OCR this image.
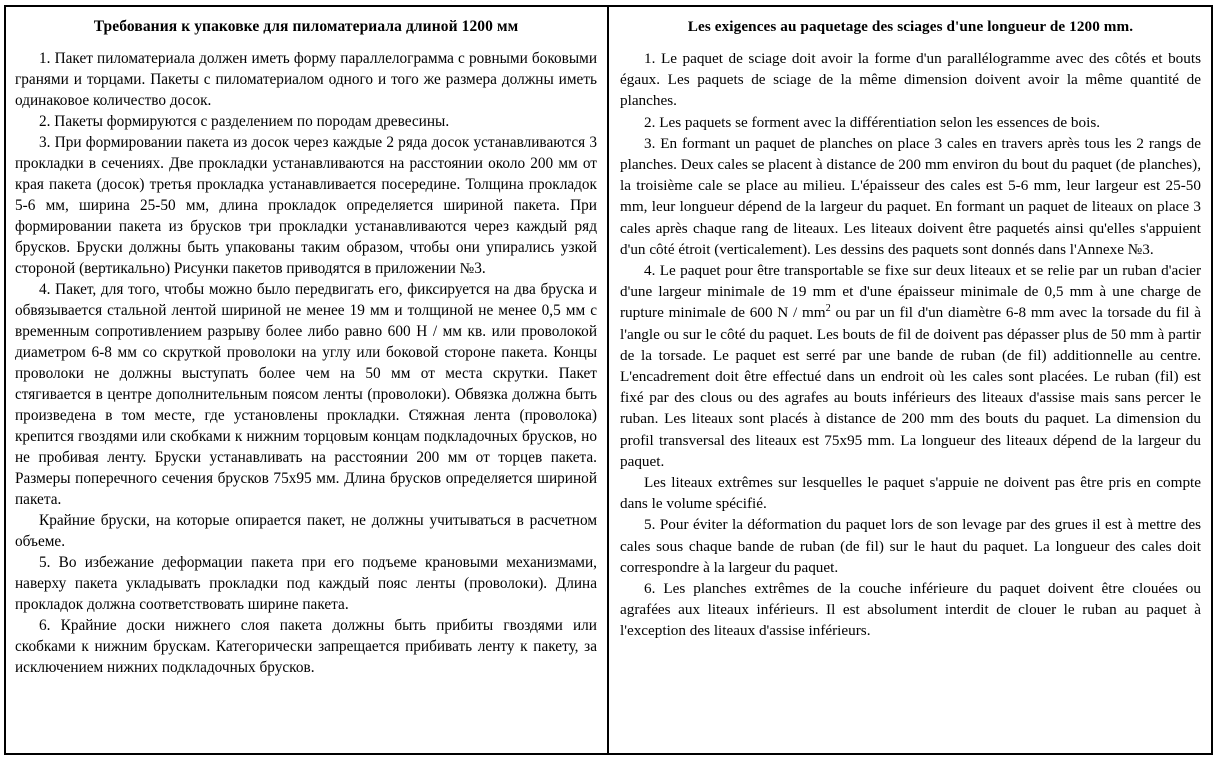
Требования к упаковке для пиломатериала длиной 1200 мм

1. Пакет пиломатериала должен иметь форму параллелограмма с ровными боковыми гранями и торцами. Пакеты с пиломатериалом одного и того же размера должны иметь одинаковое количество досок.

2. Пакеты формируются с разделением по породам древесины.

3. При формировании пакета из досок через каждые 2 ряда досок устанавливаются 3 прокладки в сечениях. Две прокладки устанавливаются на расстоянии около 200 мм от края пакета (досок) третья прокладка устанавливается посередине. Толщина прокладок 5-6 мм, ширина 25-50 мм, длина прокладок определяется шириной пакета. При формировании пакета из брусков три прокладки устанавливаются через каждый ряд брусков. Бруски должны быть упакованы таким образом, чтобы они упирались узкой стороной (вертикально) Рисунки пакетов приводятся в приложении №3.

4. Пакет, для того, чтобы можно было передвигать его, фиксируется на два бруска и обвязывается стальной лентой шириной не менее 19 мм и толщиной не менее 0,5 мм с временным сопротивлением разрыву более либо равно 600 Н / мм кв. или проволокой диаметром 6-8 мм со скруткой проволоки на углу или боковой стороне пакета. Концы проволоки не должны выступать более чем на 50 мм от места скрутки. Пакет стягивается в центре дополнительным поясом ленты (проволоки). Обвязка должна быть произведена в том месте, где установлены прокладки. Стяжная лента (проволока) крепится гвоздями или скобками к нижним торцовым концам подкладочных брусков, но не пробивая ленту. Бруски устанавливать на расстоянии 200 мм от торцев пакета. Размеры поперечного сечения брусков 75х95 мм. Длина брусков определяется шириной пакета.

Крайние бруски, на которые опирается пакет, не должны учитываться в расчетном объеме.

5. Во избежание деформации пакета при его подъеме крановыми механизмами, наверху пакета укладывать прокладки под каждый пояс ленты (проволоки). Длина прокладок должна соответствовать ширине пакета.

6. Крайние доски нижнего слоя пакета должны быть прибиты гвоздями или скобками к нижним брускам. Категорически запрещается прибивать ленту к пакету, за исключением нижних подкладочных брусков.

Les exigences au paquetage des sciages d'une longueur de 1200 mm.

1. Le paquet de sciage doit avoir la forme d'un parallélogramme avec des côtés et bouts égaux. Les paquets de sciage de la même dimension doivent avoir la même quantité de planches.

2. Les paquets se forment avec la différentiation selon les essences de bois.

3. En formant un paquet de planches on place 3 cales en travers après tous les 2 rangs de planches. Deux cales se placent à distance de 200 mm environ du bout du paquet (de planches), la troisième cale se place au milieu. L'épaisseur des cales est 5-6 mm, leur largeur est 25-50 mm, leur longueur dépend de la largeur du paquet. En formant un paquet de liteaux on place 3 cales après chaque rang de liteaux. Les liteaux doivent être paquetés ainsi qu'elles s'appuient d'un côté étroit (verticalement). Les dessins des paquets sont donnés dans l'Annexe №3.

4. Le paquet pour être transportable se fixe sur deux liteaux et se relie par un ruban d'acier d'une largeur minimale de 19 mm et d'une épaisseur minimale de 0,5 mm à une charge de rupture minimale de 600 N / $mm^2$ ou par un fil d'un diamètre 6-8 mm avec la torsade du fil à l'angle ou sur le côté du paquet. Les bouts de fil de doivent pas dépasser plus de 50 mm à partir de la torsade. Le paquet est serré par une bande de ruban (de fil) additionnelle au centre. L'encadrement doit être effectué dans un endroit où les cales sont placées. Le ruban (fil) est fixé par des clous ou des agrafes au bouts inférieurs des liteaux d'assise mais sans percer le ruban. Les liteaux sont placés à distance de 200 mm des bouts du paquet. La dimension du profil transversal des liteaux est 75x95 mm. La longueur des liteaux dépend de la largeur du paquet.

Les liteaux extrêmes sur lesquelles le paquet s'appuie ne doivent pas être pris en compte dans le volume spécifié.

5. Pour éviter la déformation du paquet lors de son levage par des grues il est à mettre des cales sous chaque bande de ruban (de fil) sur le haut du paquet. La longueur des cales doit correspondre à la largeur du paquet.

6. Les planches extrêmes de la couche inférieure du paquet doivent être clouées ou agrafées aux liteaux inférieurs. Il est absolument interdit de clouer le ruban au paquet à l'exception des liteaux d'assise inférieurs.
